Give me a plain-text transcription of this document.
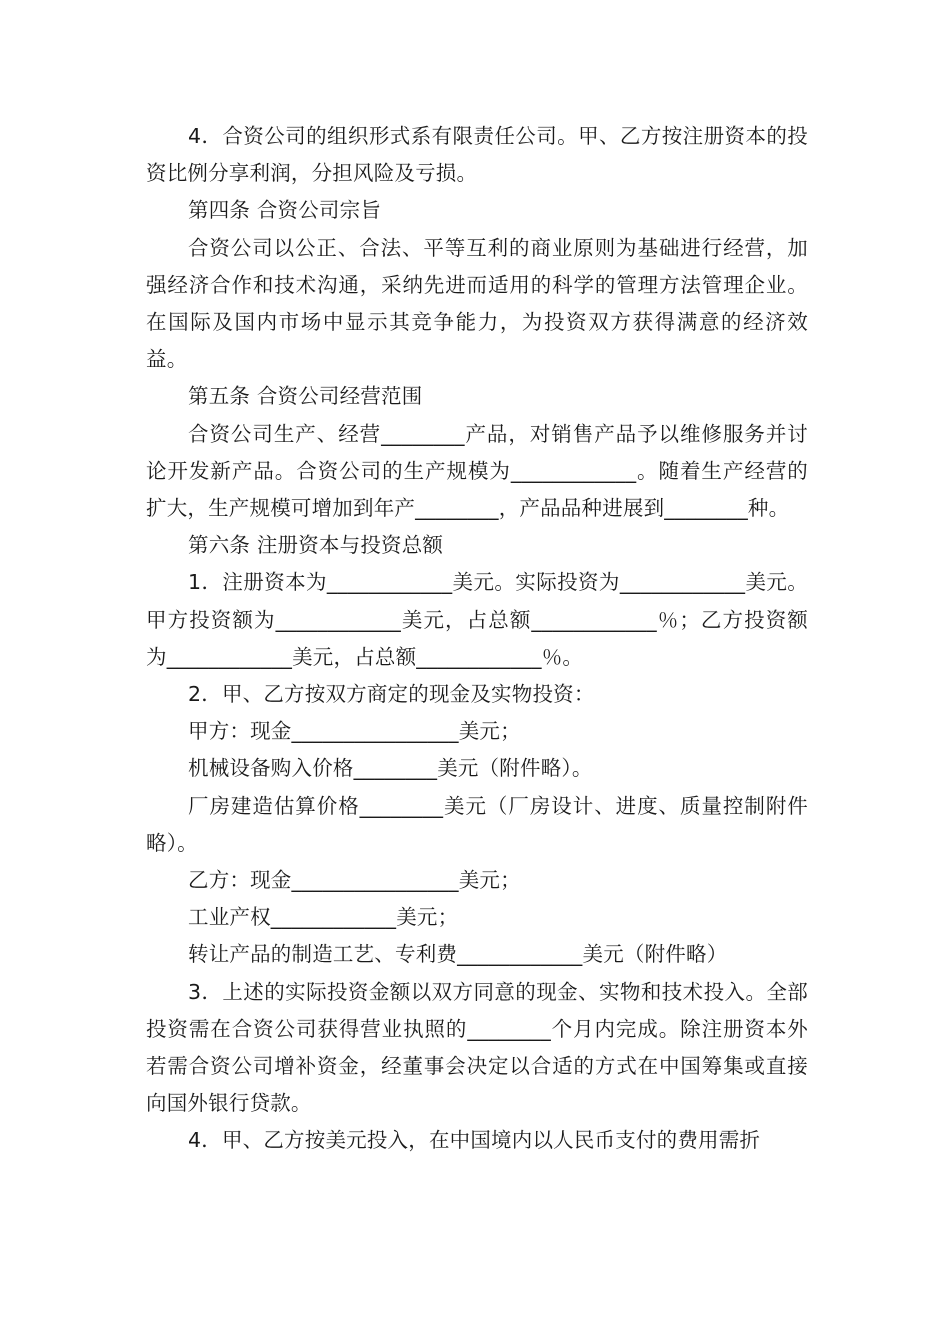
4．合资公司的组织形式系有限责任公司。甲、乙方按注册资本的投资比例分享利润，分担风险及亏损。

第四条 合资公司宗旨

合资公司以公正、合法、平等互利的商业原则为基础进行经营，加强经济合作和技术沟通，采纳先进而适用的科学的管理方法管理企业。在国际及国内市场中显示其竞争能力，为投资双方获得满意的经济效益。

第五条 合资公司经营范围

合资公司生产、经营________产品，对销售产品予以维修服务并讨论开发新产品。合资公司的生产规模为____________。随着生产经营的扩大，生产规模可增加到年产________，产品品种进展到________种。

第六条 注册资本与投资总额

1．注册资本为____________美元。实际投资为____________美元。甲方投资额为____________美元，占总额____________％；乙方投资额为____________美元，占总额____________％。

2．甲、乙方按双方商定的现金及实物投资：

甲方：现金________________美元；

机械设备购入价格________美元（附件略）。

厂房建造估算价格________美元（厂房设计、进度、质量控制附件略）。

乙方：现金________________美元；

工业产权____________美元；

转让产品的制造工艺、专利费____________美元（附件略）

3．上述的实际投资金额以双方同意的现金、实物和技术投入。全部投资需在合资公司获得营业执照的________个月内完成。除注册资本外若需合资公司增补资金，经董事会决定以合适的方式在中国筹集或直接向国外银行贷款。

4．甲、乙方按美元投入，在中国境内以人民币支付的费用需折
